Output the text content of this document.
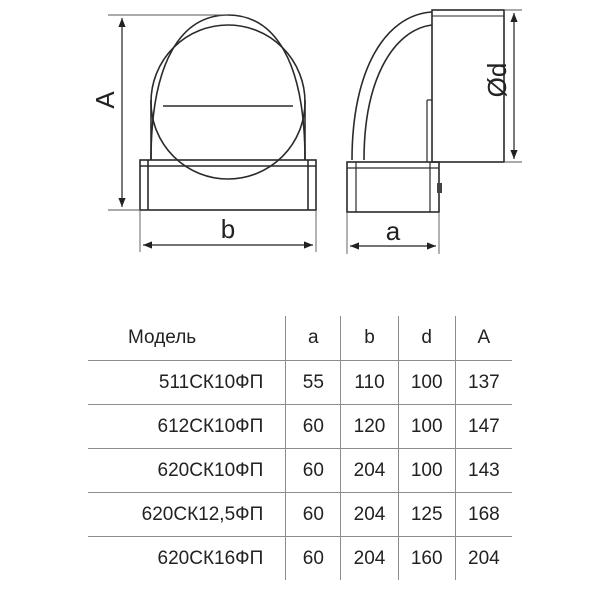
A
b
Ød
a
Модель	a	b	d	A
511СК10ФП	55	110	100	137
612СК10ФП	60	120	100	147
620СК10ФП	60	204	100	143
620СК12,5ФП	60	204	125	168
620СК16ФП	60	204	160	204
